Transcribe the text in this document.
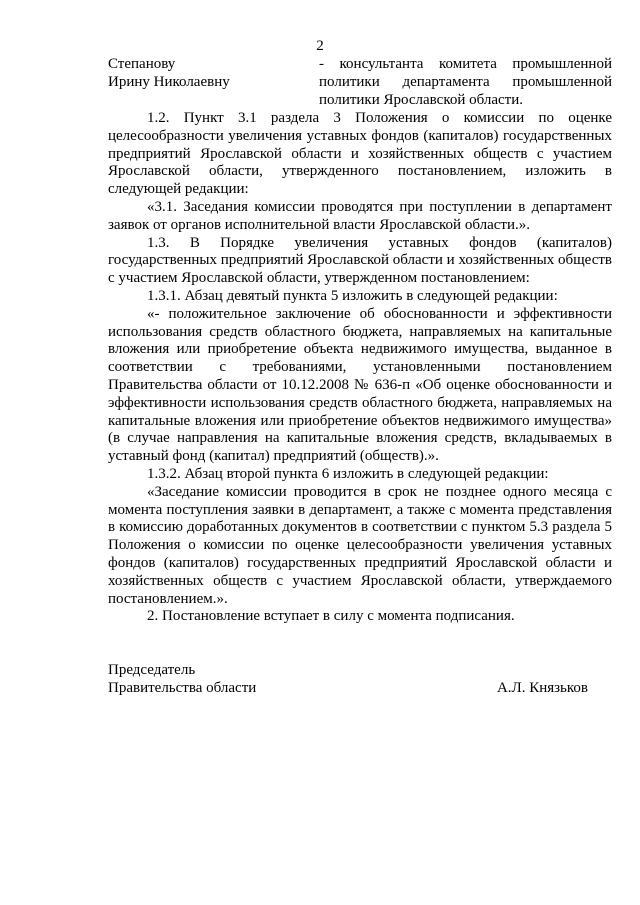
2
Степанову
Ирину Николаевну
- консультанта комитета промышленной политики департамента промышленной политики Ярославской области.

1.2. Пункт 3.1 раздела 3 Положения о комиссии по оценке целесообразности увеличения уставных фондов (капиталов) государственных предприятий Ярославской области и хозяйственных обществ с участием Ярославской области, утвержденного постановлением, изложить в следующей редакции:

«3.1. Заседания комиссии проводятся при поступлении в департамент заявок от органов исполнительной власти Ярославской области.».

1.3. В Порядке увеличения уставных фондов (капиталов) государственных предприятий Ярославской области и хозяйственных обществ с участием Ярославской области, утвержденном постановлением:

1.3.1. Абзац девятый пункта 5 изложить в следующей редакции:

«- положительное заключение об обоснованности и эффективности использования средств областного бюджета, направляемых на капитальные вложения или приобретение объекта недвижимого имущества, выданное в соответствии с требованиями, установленными постановлением Правительства области от 10.12.2008 № 636-п «Об оценке обоснованности и эффективности использования средств областного бюджета, направляемых на капитальные вложения или приобретение объектов недвижимого имущества» (в случае направления на капитальные вложения средств, вкладываемых в уставный фонд (капитал) предприятий (обществ).».

1.3.2. Абзац второй пункта 6 изложить в следующей редакции:

«Заседание комиссии проводится в срок не позднее одного месяца с момента поступления заявки в департамент, а также с момента представления в комиссию доработанных документов в соответствии с пунктом 5.3 раздела 5 Положения о комиссии по оценке целесообразности увеличения уставных фондов (капиталов) государственных предприятий Ярославской области и хозяйственных обществ с участием Ярославской области, утверждаемого постановлением.».

2. Постановление вступает в силу с момента подписания.

Председатель
Правительства области	А.Л. Князьков
